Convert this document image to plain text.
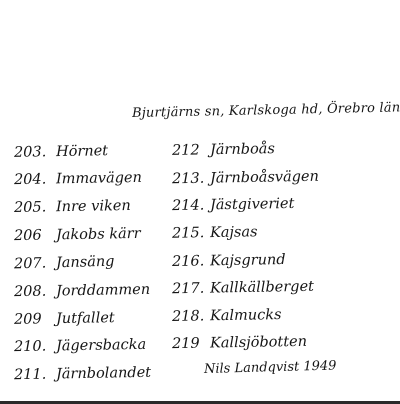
Bjurtjärns sn, Karlskoga hd, Örebro län
203. Hörnet
204. Immavägen
205. Inre viken
206 Jakobs kärr
207. Jansäng
208. Jorddammen
209 Jutfallet
210. Jägersbacka
211. Järnbolandet
212 Järnboås
213. Järnboåsvägen
214. Jästgiveriet
215. Kajsas
216. Kajsgrund
217. Kallkällberget
218. Kalmucks
219 Kallsjöbotten
Nils Landqvist 1949
